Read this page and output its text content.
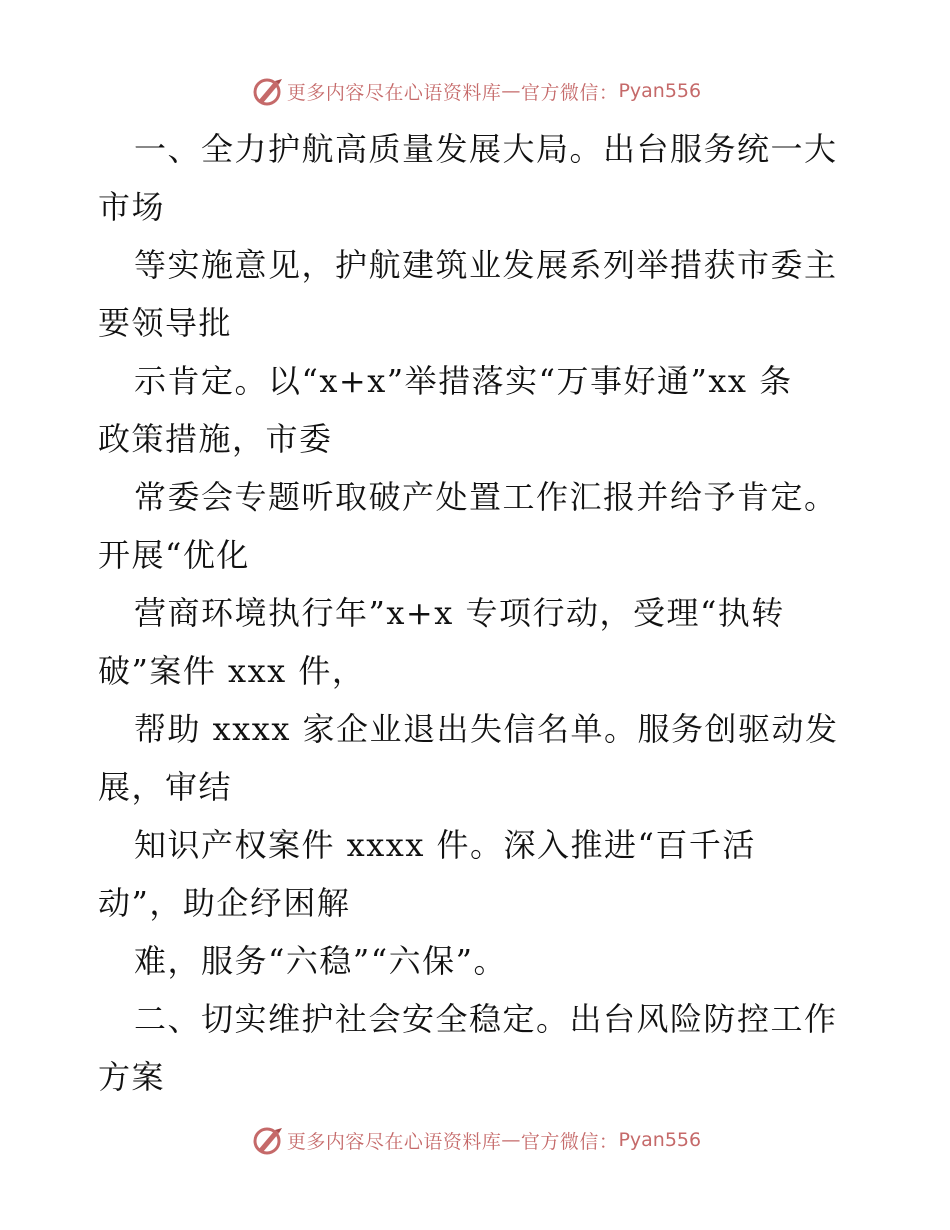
更多内容尽在心语资料库 — 官方微信： Pyan556
一、全力护航高质量发展大局。出台服务统一大
市场
等实施意见，护航建筑业发展系列举措获市委主
要领导批
示肯定。以“x+x”举措落实“万事好通”xx 条
政策措施，市委
常委会专题听取破产处置工作汇报并给予肯定。
开展“优化
营商环境执行年”x+x 专项行动，受理“执转
破”案件 xxx 件，
帮助 xxxx 家企业退出失信名单。服务创驱动发
展，审结
知识产权案件 xxxx 件。深入推进“百千活
动”，助企纾困解
难，服务“六稳”“六保”。
二、切实维护社会安全稳定。出台风险防控工作
方案
更多内容尽在心语资料库 — 官方微信： Pyan556
